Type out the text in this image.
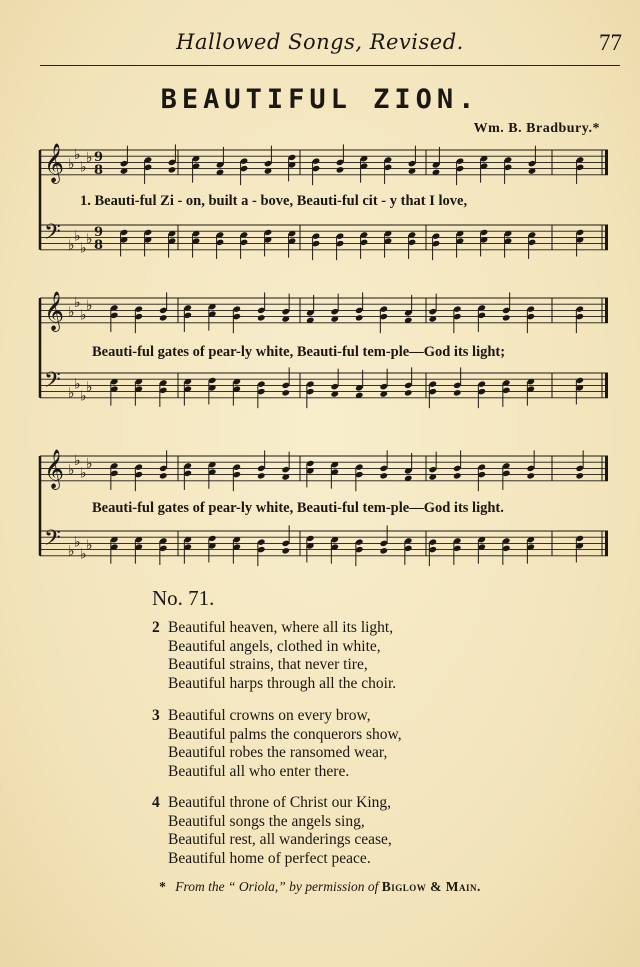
Hallowed Songs, Revised.	77
BEAUTIFUL ZION.
Wm. B. Bradbury.*
𝄞 ♭
♭
♭
♭ 9
8
𝄢 ♭
♭
♭
♭ 9
8
1. Beauti-ful Zi - on, built a - bove, Beauti-ful cit - y that I love,
𝄞 ♭
♭
♭
♭
𝄢 ♭
♭
♭
♭
Beauti-ful gates of pear-ly white, Beauti-ful tem-ple—God its light;
𝄞 ♭
♭
♭
♭
𝄢 ♭
♭
♭
♭
Beauti-ful gates of pear-ly white, Beauti-ful tem-ple—God its light.
No. 71.
2 Beautiful heaven, where all its light,
Beautiful angels, clothed in white,
Beautiful strains, that never tire,
Beautiful harps through all the choir.
3 Beautiful crowns on every brow,
Beautiful palms the conquerors show,
Beautiful robes the ransomed wear,
Beautiful all who enter there.
4 Beautiful throne of Christ our King,
Beautiful songs the angels sing,
Beautiful rest, all wanderings cease,
Beautiful home of perfect peace.
* From the “ Oriola,” by permission of Biglow & Main.
